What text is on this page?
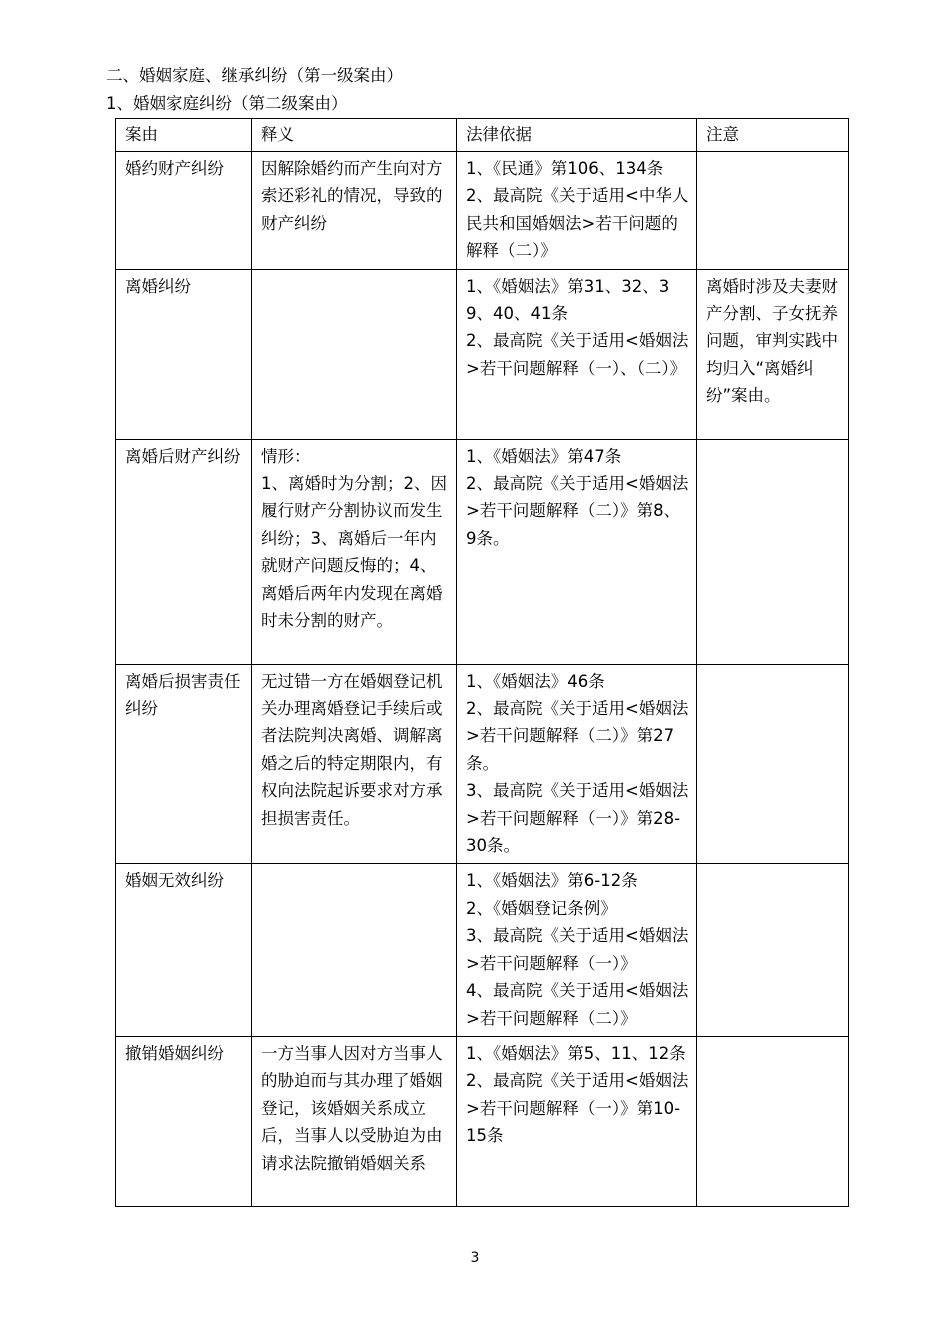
二、婚姻家庭、继承纠纷（第一级案由）
1、婚姻家庭纠纷（第二级案由）
案由	释义	法律依据	注意
婚约财产纠纷	因解除婚约而产生向对方索还彩礼的情况，导致的财产纠纷	1、《民通》第106、134条
2、最高院《关于适用<中华人民共和国婚姻法>若干问题的解释（二）》	

离婚纠纷		1、《婚姻法》第31、32、39、40、41条
2、最高院《关于适用<婚姻法>若干问题解释（一）、（二）》	离婚时涉及夫妻财产分割、子女抚养问题，审判实践中均归入“离婚纠纷”案由。
离婚后财产纠纷	情形：
1、离婚时为分割；2、因履行财产分割协议而发生纠纷；3、离婚后一年内就财产问题反悔的；4、离婚后两年内发现在离婚时未分割的财产。	1、《婚姻法》第47条
2、最高院《关于适用<婚姻法>若干问题解释（二）》第8、9条。	

离婚后损害责任纠纷	无过错一方在婚姻登记机关办理离婚登记手续后或者法院判决离婚、调解离婚之后的特定期限内，有权向法院起诉要求对方承担损害责任。	1、《婚姻法》46条
2、最高院《关于适用<婚姻法>若干问题解释（二）》第27条。
3、最高院《关于适用<婚姻法>若干问题解释（一）》第28-30条。	

婚姻无效纠纷		1、《婚姻法》第6-12条
2、《婚姻登记条例》
3、最高院《关于适用<婚姻法>若干问题解释（一）》
4、最高院《关于适用<婚姻法>若干问题解释（二）》	

撤销婚姻纠纷	一方当事人因对方当事人的胁迫而与其办理了婚姻登记，该婚姻关系成立后，当事人以受胁迫为由请求法院撤销婚姻关系	1、《婚姻法》第5、11、12条
2、最高院《关于适用<婚姻法>若干问题解释（一）》第10-15条	

3
